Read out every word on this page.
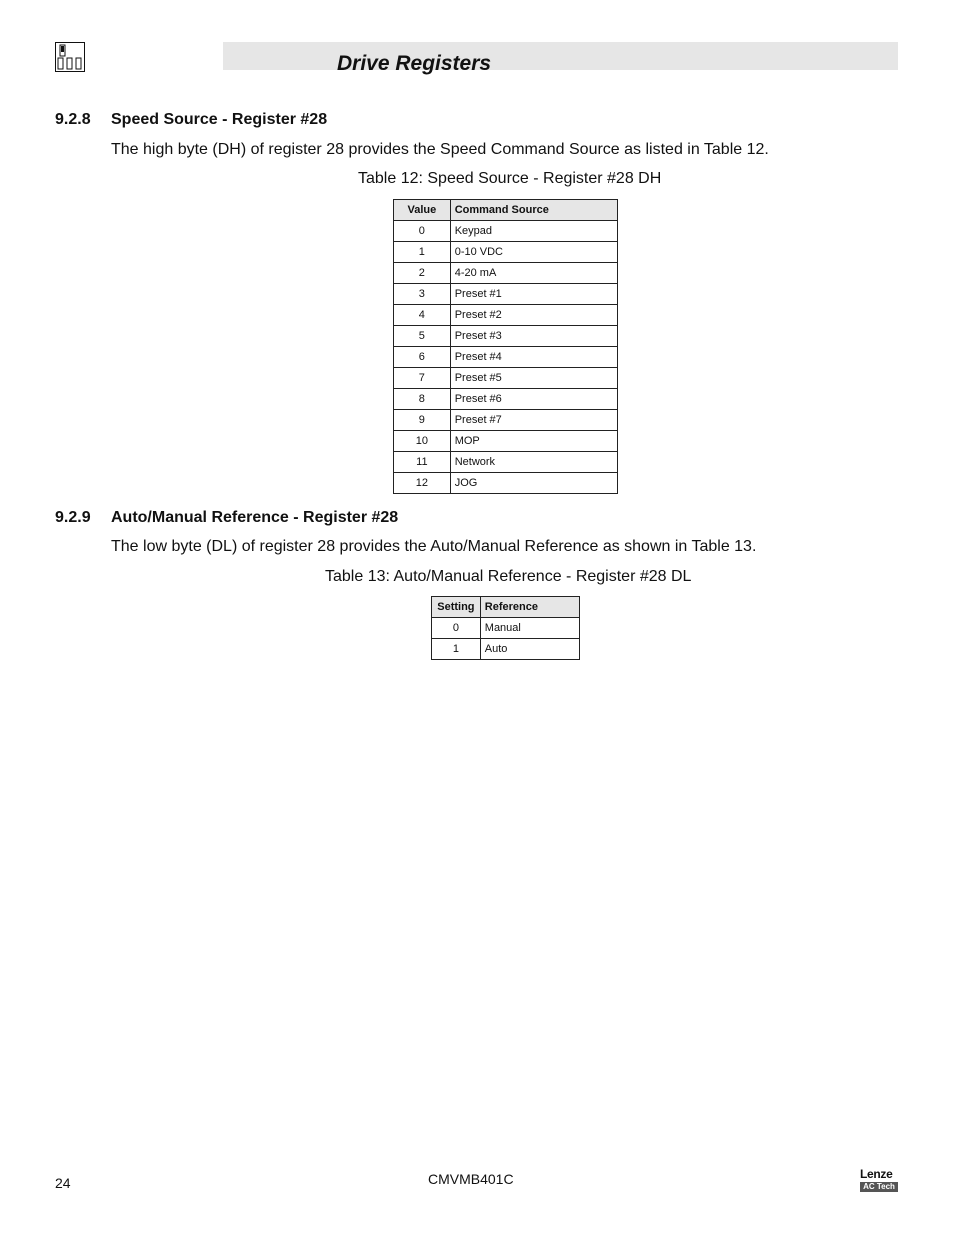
Drive Registers
9.2.8 Speed Source - Register #28
The high byte (DH) of register 28 provides the Speed Command Source as listed in Table 12.
Table 12: Speed Source - Register #28 DH
Value	Command Source
0	Keypad
1	0-10 VDC
2	4-20 mA
3	Preset #1
4	Preset #2
5	Preset #3
6	Preset #4
7	Preset #5
8	Preset #6
9	Preset #7
10	MOP
11	Network
12	JOG
9.2.9 Auto/Manual Reference - Register #28
The low byte (DL) of register 28 provides the Auto/Manual Reference as shown in Table 13.
Table 13: Auto/Manual Reference - Register #28 DL
Setting	Reference
0	Manual
1	Auto
24	CMVMB401C	Lenze
AC Tech
